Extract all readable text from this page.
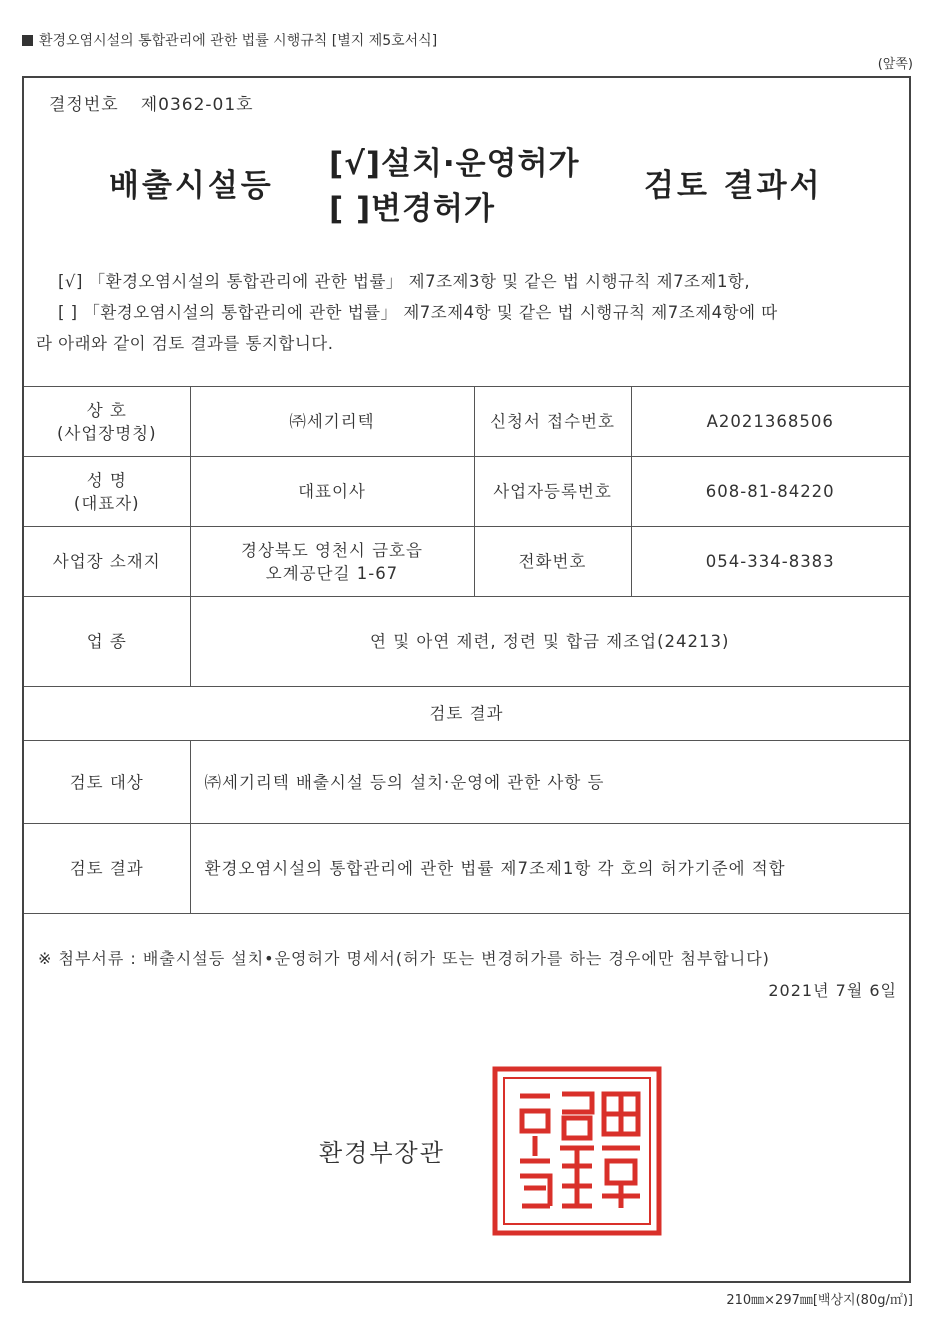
환경오염시설의 통합관리에 관한 법률 시행규칙 [별지 제5호서식]
(앞쪽)
결정번호 제0362-01호
배출시설등
[√]설치·운영허가
[ ]변경허가
검토 결과서

[√] 「환경오염시설의 통합관리에 관한 법률」 제7조제3항 및 같은 법 시행규칙 제7조제1항,

[ ] 「환경오염시설의 통합관리에 관한 법률」 제7조제4항 및 같은 법 시행규칙 제7조제4항에 따

라 아래와 같이 검토 결과를 통지합니다.

상 호
(사업장명칭)	㈜세기리텍	신청서 접수번호	A2021368506

성 명
(대표자)	대표이사	사업자등록번호	608-81-84220
사업장 소재지	경상북도 영천시 금호읍
오계공단길 1-67	전화번호	054-334-8383
업 종	연 및 아연 제련, 정련 및 합금 제조업(24213)		
검토 결과			
검토 대상	㈜세기리텍 배출시설 등의 설치·운영에 관한 사항 등		
검토 결과	환경오염시설의 통합관리에 관한 법률 제7조제1항 각 호의 허가기준에 적합		
※ 첨부서류 : 배출시설등 설치•운영허가 명세서(허가 또는 변경허가를 하는 경우에만 첨부합니다)
2021년 7월 6일
환경부장관
210㎜×297㎜[백상지(80g/㎡)]
